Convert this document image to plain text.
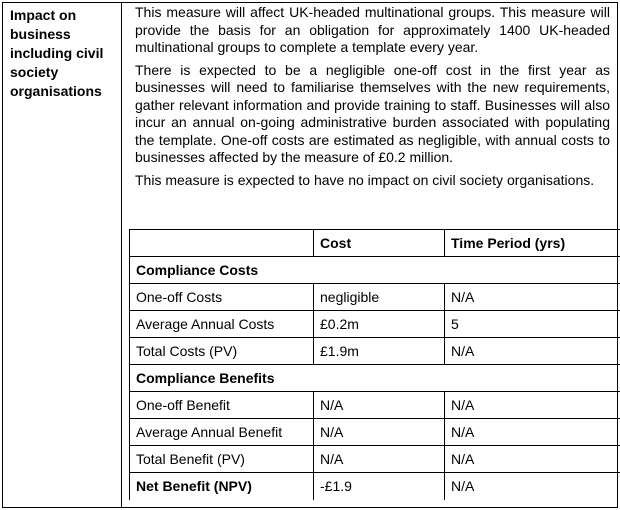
Impact on business including civil society organisations

This measure will affect UK-headed multinational groups. This measure will provide the basis for an obligation for approximately 1400 UK-headed multinational groups to complete a template every year.

There is expected to be a negligible one-off cost in the first year as businesses will need to familiarise themselves with the new requirements, gather relevant information and provide training to staff. Businesses will also incur an annual on-going administrative burden associated with populating the template. One-off costs are estimated as negligible, with annual costs to businesses affected by the measure of £0.2 million.

This measure is expected to have no impact on civil society organisations.

	Cost	Time Period (yrs)
Compliance Costs		
One-off Costs	negligible	N/A
Average Annual Costs	£0.2m	5
Total Costs (PV)	£1.9m	N/A
Compliance Benefits		
One-off Benefit	N/A	N/A
Average Annual Benefit	N/A	N/A
Total Benefit (PV)	N/A	N/A
Net Benefit (NPV)	-£1.9	N/A
